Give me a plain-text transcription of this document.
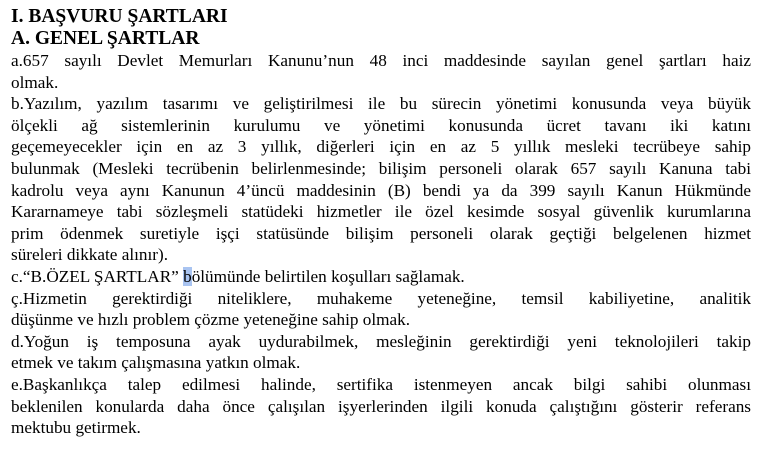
I. BAŞVURU ŞARTLARI

A. GENEL ŞARTLAR

a.657 sayılı Devlet Memurları Kanunu’nun 48 inci maddesinde sayılan genel şartları haiz
olmak.

b.Yazılım, yazılım tasarımı ve geliştirilmesi ile bu sürecin yönetimi konusunda veya büyük
ölçekli ağ sistemlerinin kurulumu ve yönetimi konusunda ücret tavanı iki katını
geçemeyecekler için en az 3 yıllık, diğerleri için en az 5 yıllık mesleki tecrübeye sahip
bulunmak (Mesleki tecrübenin belirlenmesinde; bilişim personeli olarak 657 sayılı Kanuna tabi
kadrolu veya aynı Kanunun 4’üncü maddesinin (B) bendi ya da 399 sayılı Kanun Hükmünde
Kararnameye tabi sözleşmeli statüdeki hizmetler ile özel kesimde sosyal güvenlik kurumlarına
prim ödenmek suretiyle işçi statüsünde bilişim personeli olarak geçtiği belgelenen hizmet
süreleri dikkate alınır).

c.“B.ÖZEL ŞARTLAR” bölümünde belirtilen koşulları sağlamak.

ç.Hizmetin gerektirdiği niteliklere, muhakeme yeteneğine, temsil kabiliyetine, analitik
düşünme ve hızlı problem çözme yeteneğine sahip olmak.

d.Yoğun iş temposuna ayak uydurabilmek, mesleğinin gerektirdiği yeni teknolojileri takip
etmek ve takım çalışmasına yatkın olmak.

e.Başkanlıkça talep edilmesi halinde, sertifika istenmeyen ancak bilgi sahibi olunması
beklenilen konularda daha önce çalışılan işyerlerinden ilgili konuda çalıştığını gösterir referans
mektubu getirmek.
